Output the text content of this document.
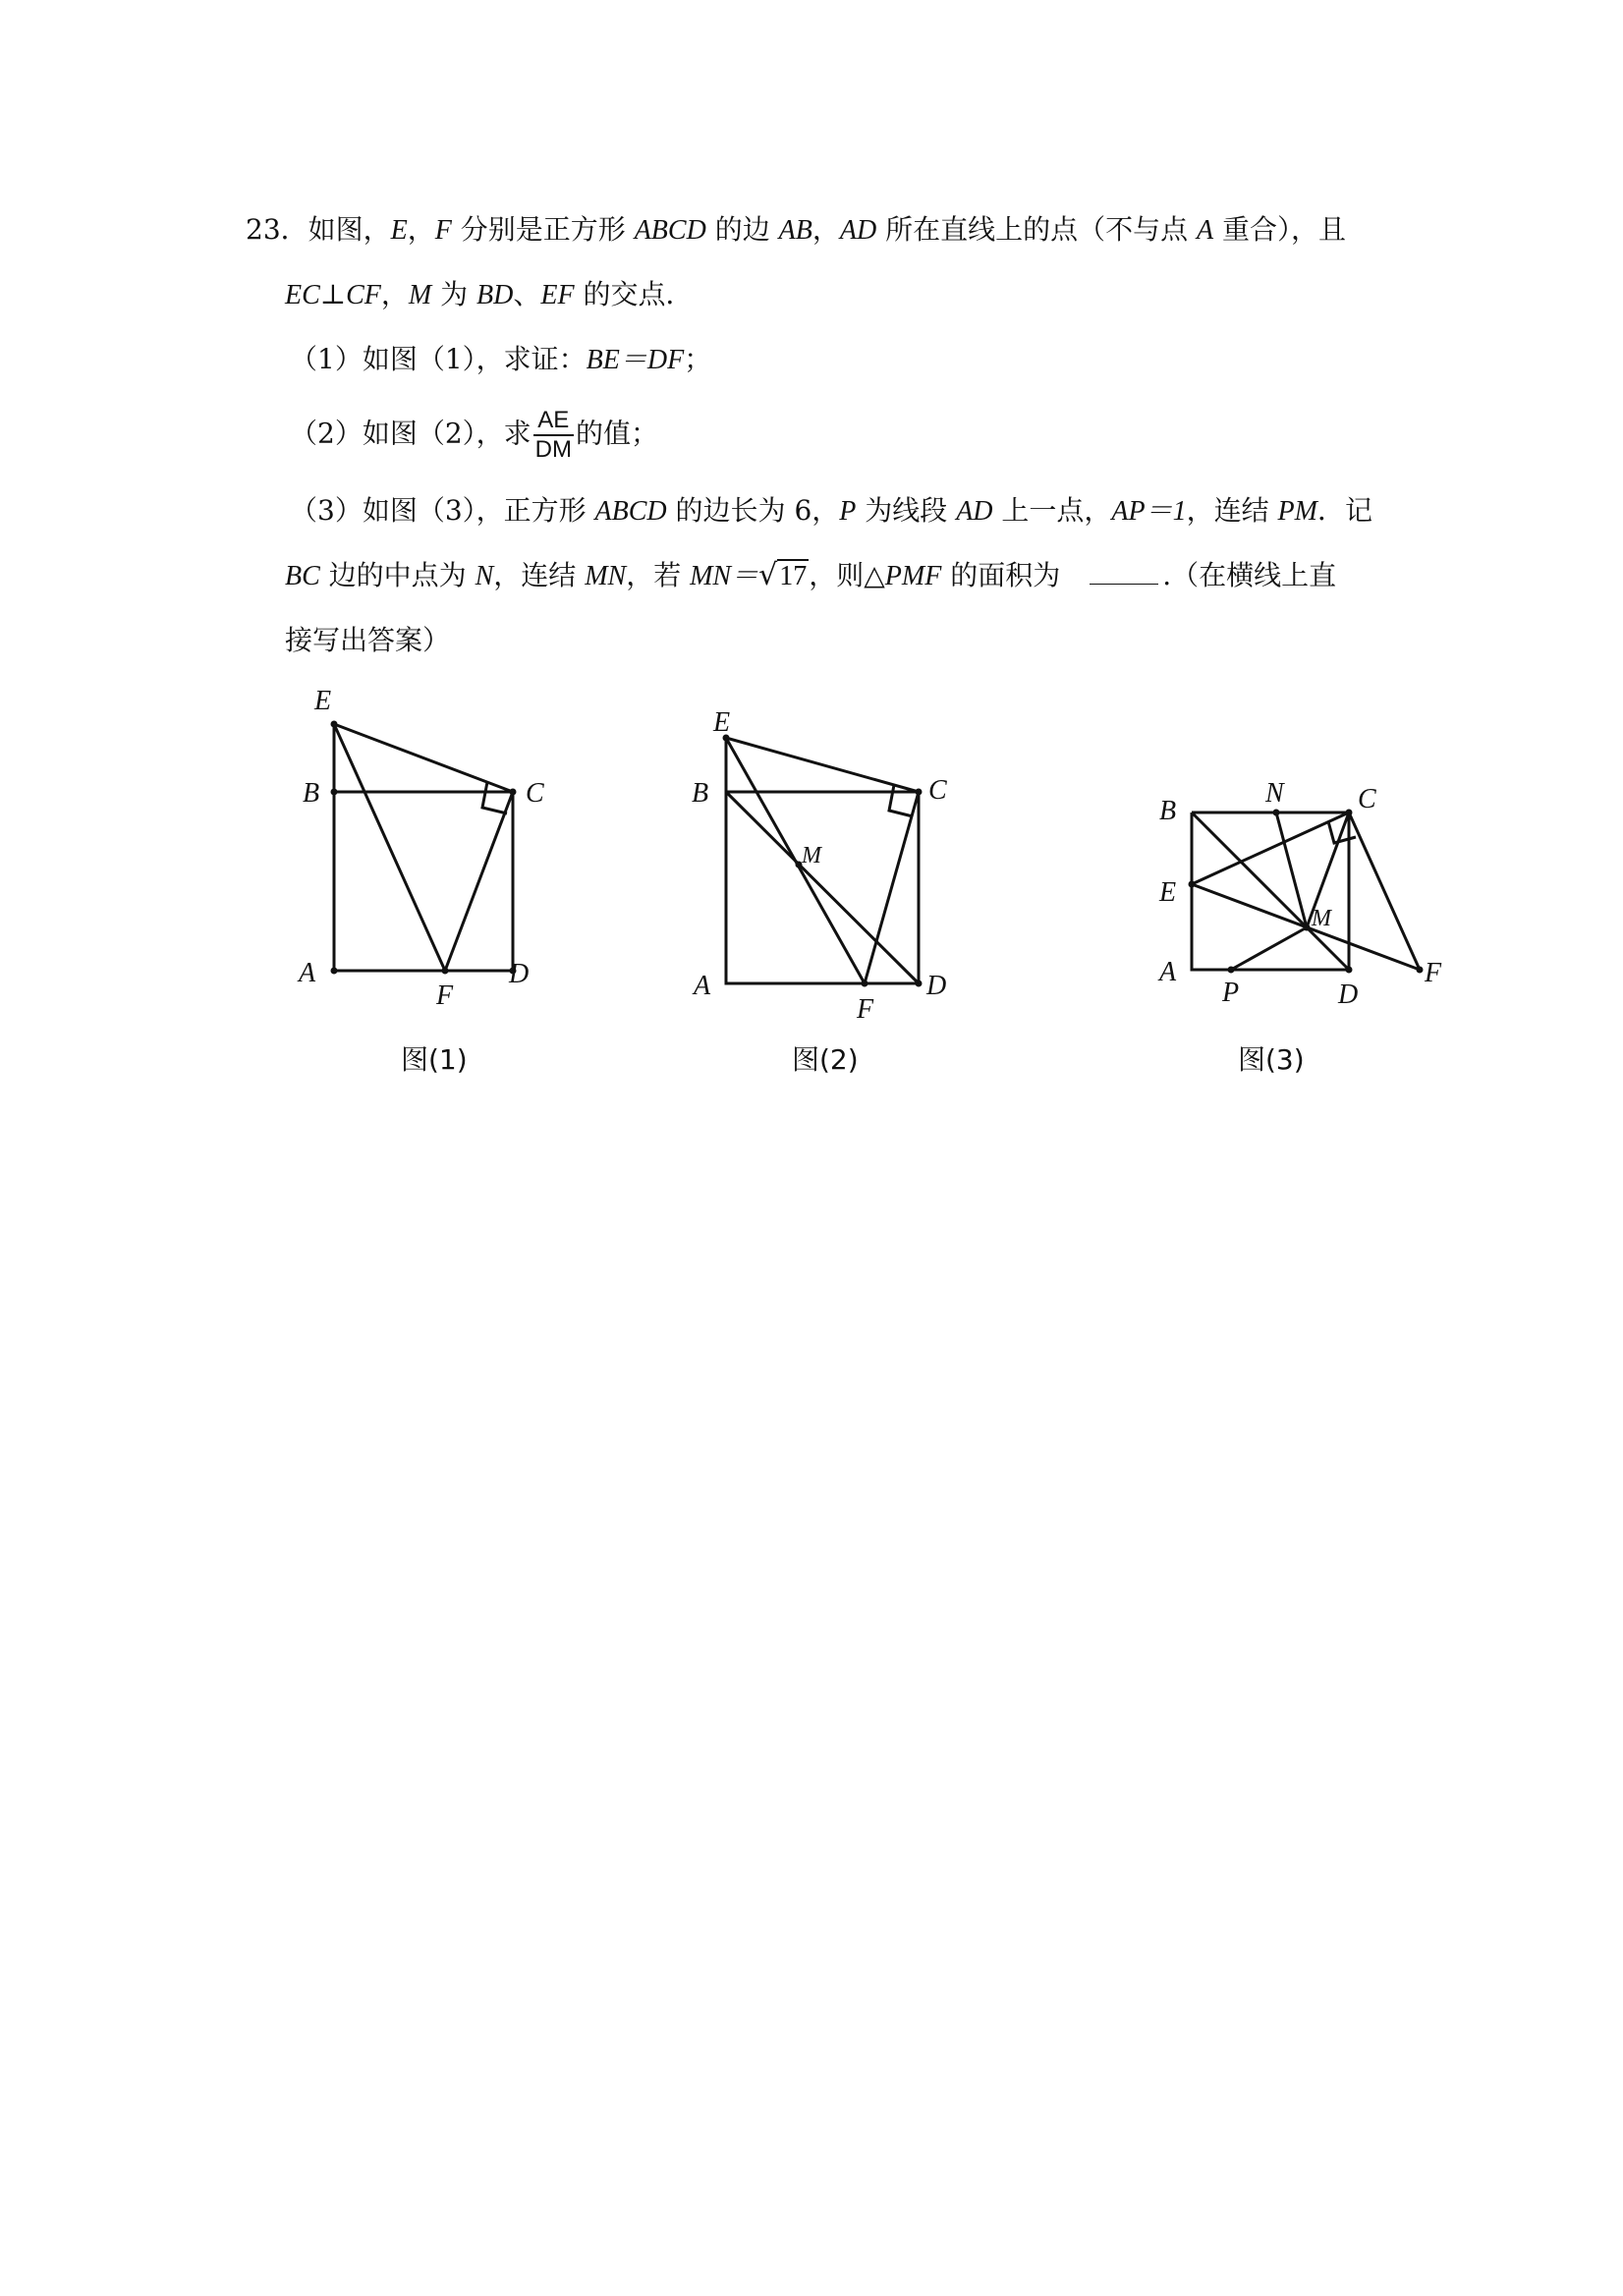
23．如图，E，F 分别是正方形 ABCD 的边 AB，AD 所在直线上的点（不与点 A 重合），且
EC⊥CF，M 为 BD、EF 的交点．
（1）如图（1），求证：BE＝DF；
（2）如图（2），求 $\frac{AE}{DM}$ 的值；
（3）如图（3），正方形 ABCD 的边长为 6，P 为线段 AD 上一点，AP＝1，连结 PM．记
BC 边的中点为 N，连结 MN，若 MN＝√17，则△PMF 的面积为	.（在横线上直
接写出答案）
E
B	C
A
F
D
图(1)
E
B	C
M
A
F
D
图(2)
B
N	C
E
M
A
P	D
F
图(3)
